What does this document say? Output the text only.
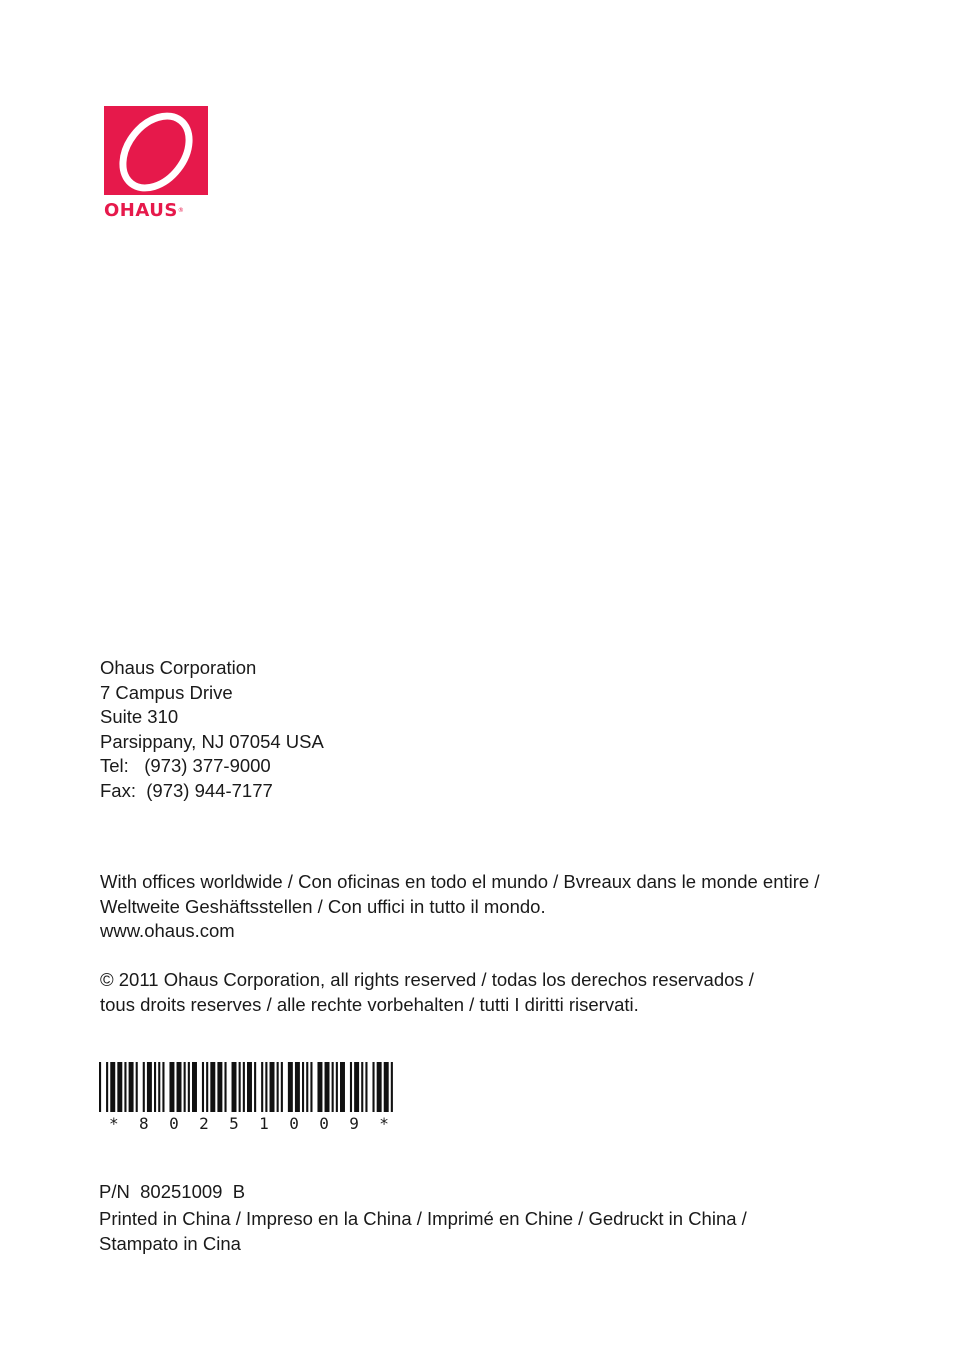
OHAUS®
Ohaus Corporation
7 Campus Drive
Suite 310
Parsippany, NJ 07054 USA
Tel:   (973) 377-9000
Fax:  (973) 944-7177
With offices worldwide / Con oficinas en todo el mundo / Bvreaux dans le monde entire /
Weltweite Geshäftsstellen / Con uffici in tutto il mondo.
www.ohaus.com
© 2011 Ohaus Corporation, all rights reserved / todas los derechos reservados /
tous droits reserves / alle rechte vorbehalten / tutti I diritti riservati.
* 8 0 2 5 1 0 0 9 *
P/N  80251009  B
Printed in China / Impreso en la China / Imprimé en Chine / Gedruckt in China /
Stampato in Cina
